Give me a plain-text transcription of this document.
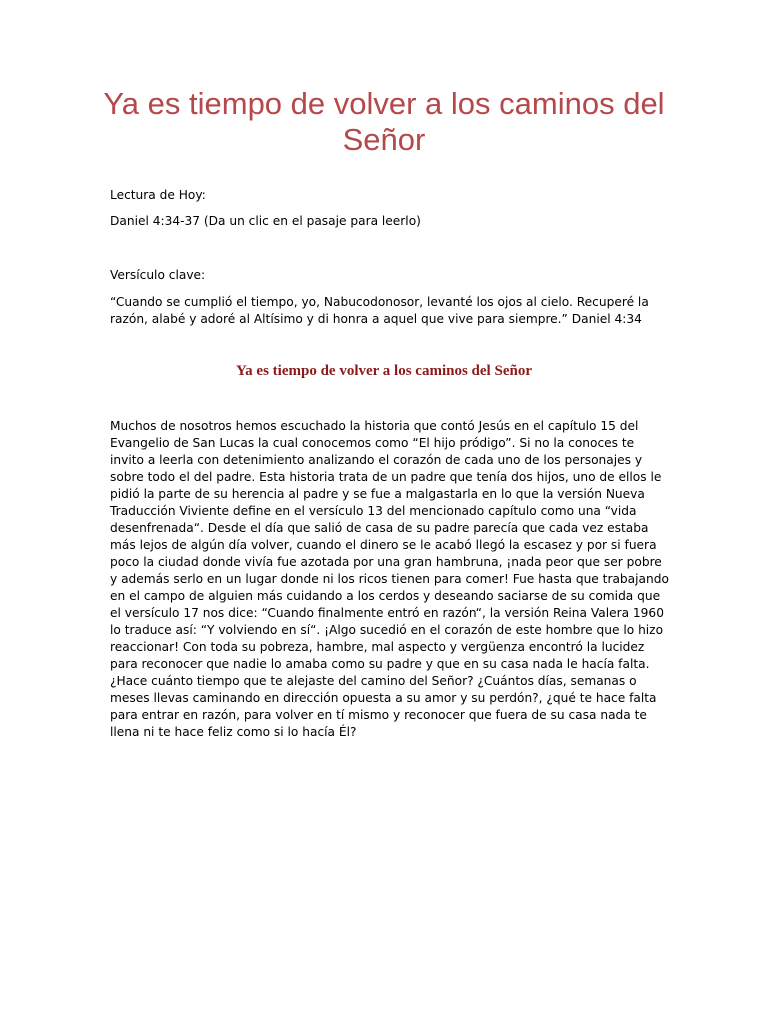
Ya es tiempo de volver a los caminos del Señor

Lectura de Hoy:

Daniel 4:34-37 (Da un clic en el pasaje para leerlo)

Versículo clave:

“Cuando se cumplió el tiempo, yo, Nabucodonosor, levanté los ojos al cielo. Recuperé la razón, alabé y adoré al Altísimo y di honra a aquel que vive para siempre.” Daniel 4:34

Ya es tiempo de volver a los caminos del Señor

Muchos de nosotros hemos escuchado la historia que contó Jesús en el capítulo 15 del Evangelio de San Lucas la cual conocemos como “El hijo pródigo”. Si no la conoces te invito a leerla con detenimiento analizando el corazón de cada uno de los personajes y sobre todo el del padre. Esta historia trata de un padre que tenía dos hijos, uno de ellos le pidió la parte de su herencia al padre y se fue a malgastarla en lo que la versión Nueva Traducción Viviente define en el versículo 13 del mencionado capítulo como una “vida desenfrenada“. Desde el día que salió de casa de su padre parecía que cada vez estaba más lejos de algún día volver, cuando el dinero se le acabó llegó la escasez y por si fuera poco la ciudad donde vivía fue azotada por una gran hambruna, ¡nada peor que ser pobre y además serlo en un lugar donde ni los ricos tienen para comer! Fue hasta que trabajando en el campo de alguien más cuidando a los cerdos y deseando saciarse de su comida que el versículo 17 nos dice: “Cuando finalmente entró en razón“, la versión Reina Valera 1960 lo traduce así: “Y volviendo en sí“. ¡Algo sucedió en el corazón de este hombre que lo hizo reaccionar! Con toda su pobreza, hambre, mal aspecto y vergüenza encontró la lucidez para reconocer que nadie lo amaba como su padre y que en su casa nada le hacía falta. ¿Hace cuánto tiempo que te alejaste del camino del Señor? ¿Cuántos días, semanas o meses llevas caminando en dirección opuesta a su amor y su perdón?, ¿qué te hace falta para entrar en razón, para volver en tí mismo y reconocer que fuera de su casa nada te llena ni te hace feliz como si lo hacía Él?
